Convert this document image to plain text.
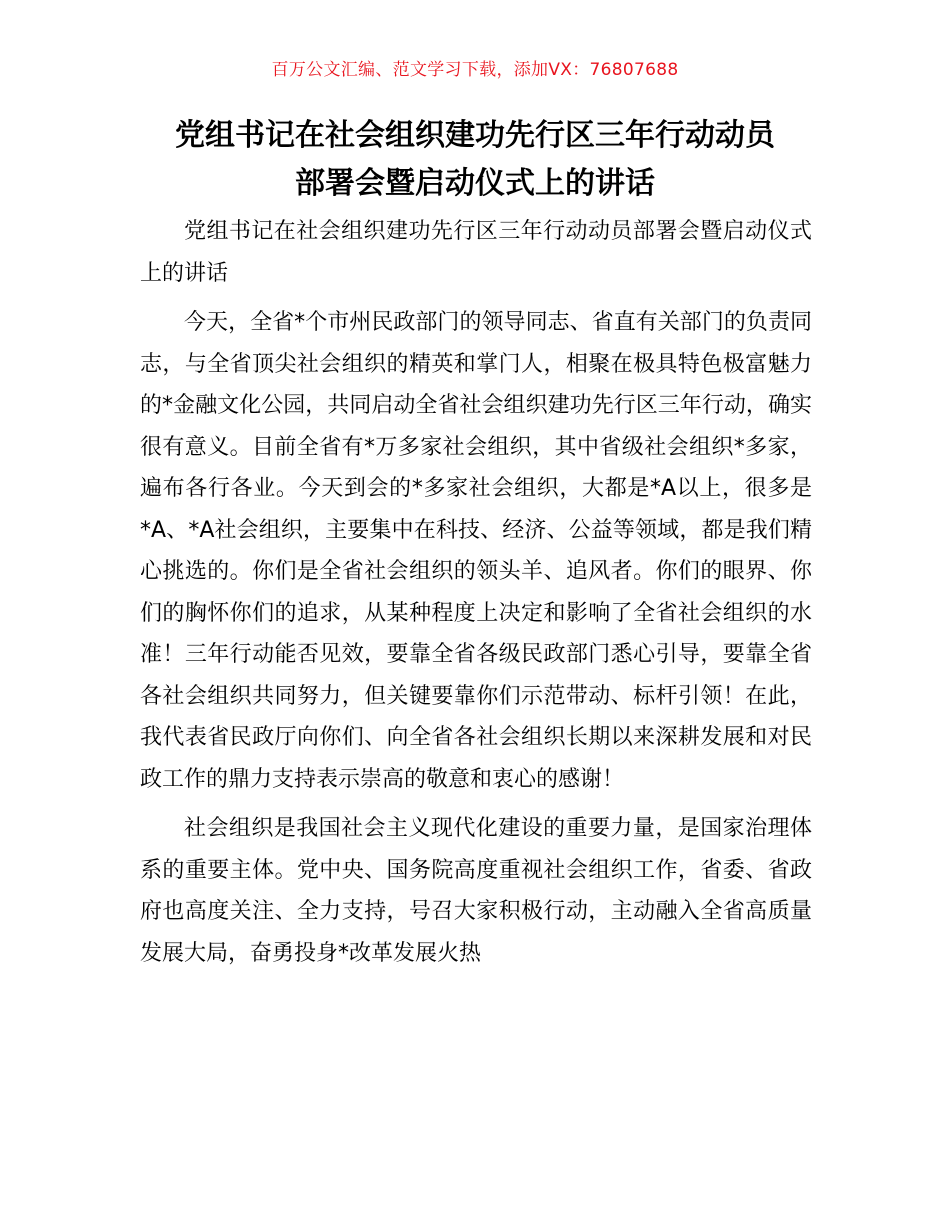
百万公文汇编、范文学习下载，添加VX：76807688
党组书记在社会组织建功先行区三年行动动员
部署会暨启动仪式上的讲话

党组书记在社会组织建功先行区三年行动动员部署会暨启动仪式上的讲话

今天，全省*个市州民政部门的领导同志、省直有关部门的负责同志，与全省顶尖社会组织的精英和掌门人，相聚在极具特色极富魅力的*金融文化公园，共同启动全省社会组织建功先行区三年行动，确实很有意义。目前全省有*万多家社会组织，其中省级社会组织*多家，遍布各行各业。今天到会的*多家社会组织，大都是*A以上，很多是*A、*A社会组织，主要集中在科技、经济、公益等领域，都是我们精心挑选的。你们是全省社会组织的领头羊、追风者。你们的眼界、你们的胸怀你们的追求，从某种程度上决定和影响了全省社会组织的水准！三年行动能否见效，要靠全省各级民政部门悉心引导，要靠全省各社会组织共同努力，但关键要靠你们示范带动、标杆引领！在此，我代表省民政厅向你们、向全省各社会组织长期以来深耕发展和对民政工作的鼎力支持表示崇高的敬意和衷心的感谢！

社会组织是我国社会主义现代化建设的重要力量，是国家治理体系的重要主体。党中央、国务院高度重视社会组织工作，省委、省政府也高度关注、全力支持，号召大家积极行动，主动融入全省高质量发展大局，奋勇投身*改革发展火热
